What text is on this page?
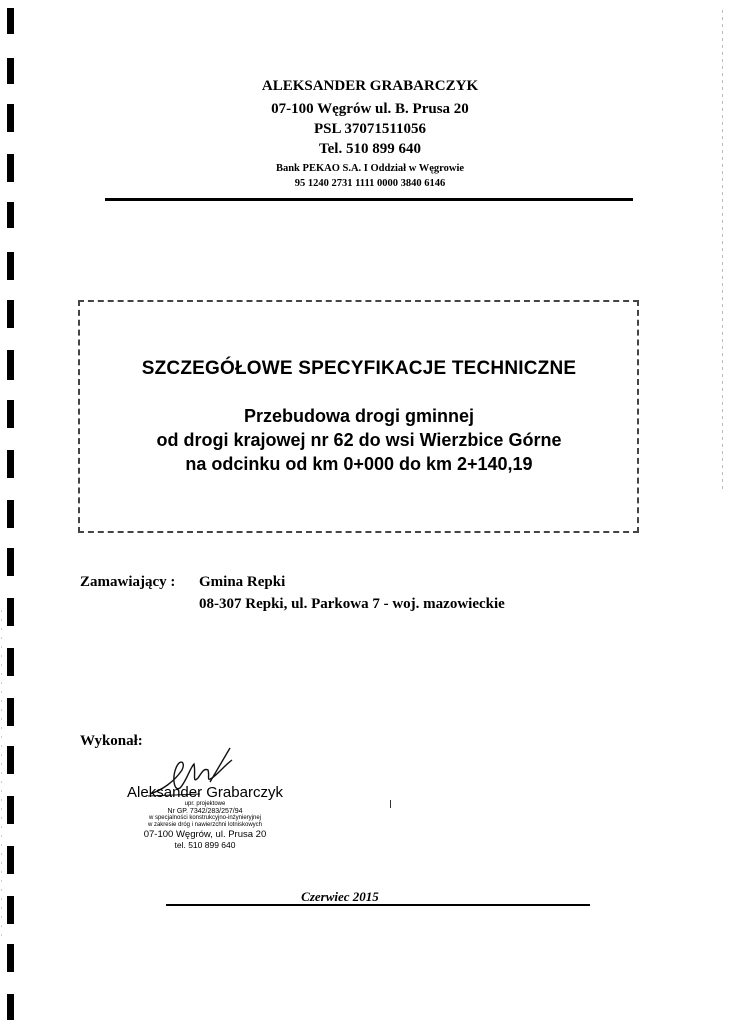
ALEKSANDER GRABARCZYK
07-100 Węgrów ul. B. Prusa 20
PSL 37071511056
Tel. 510 899 640
Bank PEKAO S.A. I Oddział w Węgrowie
95 1240 2731 1111 0000 3840 6146
SZCZEGÓŁOWE SPECYFIKACJE TECHNICZNE
Przebudowa drogi gminnej
od drogi krajowej nr 62 do wsi Wierzbice Górne
na odcinku od km 0+000 do km 2+140,19
Zamawiający : Gmina Repki
08-307 Repki, ul. Parkowa 7 - woj. mazowieckie
Wykonał:
Aleksander Grabarczyk
upr. projektowe
Nr GP. 7342/283/257/94
w specjalności konstrukcyjno-inżynieryjnej
w zakresie dróg i nawierzchni lotniskowych
07-100 Węgrów, ul. Prusa 20
tel. 510 899 640
Czerwiec 2015
